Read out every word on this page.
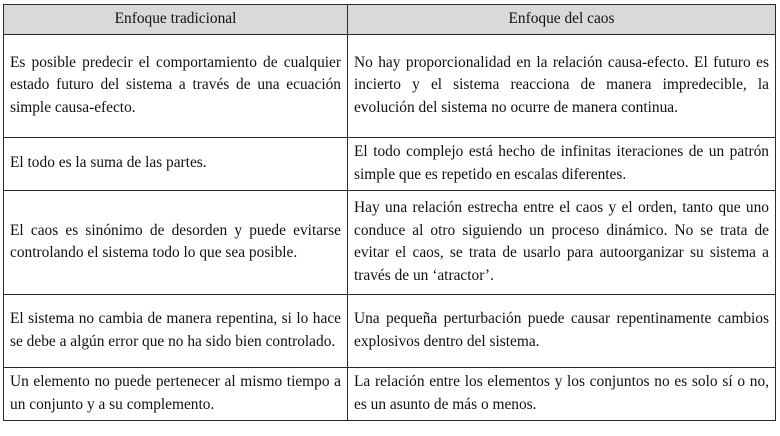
Enfoque tradicional	Enfoque del caos
Es posible predecir el comportamiento de cualquier estado futuro del sistema a través de una ecuación simple causa-efecto.	No hay proporcionalidad en la relación causa-efecto. El futuro es incierto y el sistema reacciona de manera impredecible, la evolución del sistema no ocurre de manera continua.
El todo es la suma de las partes.	El todo complejo está hecho de infinitas iteraciones de un patrón simple que es repetido en escalas diferentes.
El caos es sinónimo de desorden y puede evitarse controlando el sistema todo lo que sea posible.	Hay una relación estrecha entre el caos y el orden, tanto que uno conduce al otro siguiendo un proceso dinámico. No se trata de evitar el caos, se trata de usarlo para autoorganizar su sistema a través de un ‘atractor’.
El sistema no cambia de manera repentina, si lo hace se debe a algún error que no ha sido bien controlado.	Una pequeña perturbación puede causar repentinamente cambios explosivos dentro del sistema.
Un elemento no puede pertenecer al mismo tiempo a un conjunto y a su complemento.	La relación entre los elementos y los conjuntos no es solo sí o no, es un asunto de más o menos.
